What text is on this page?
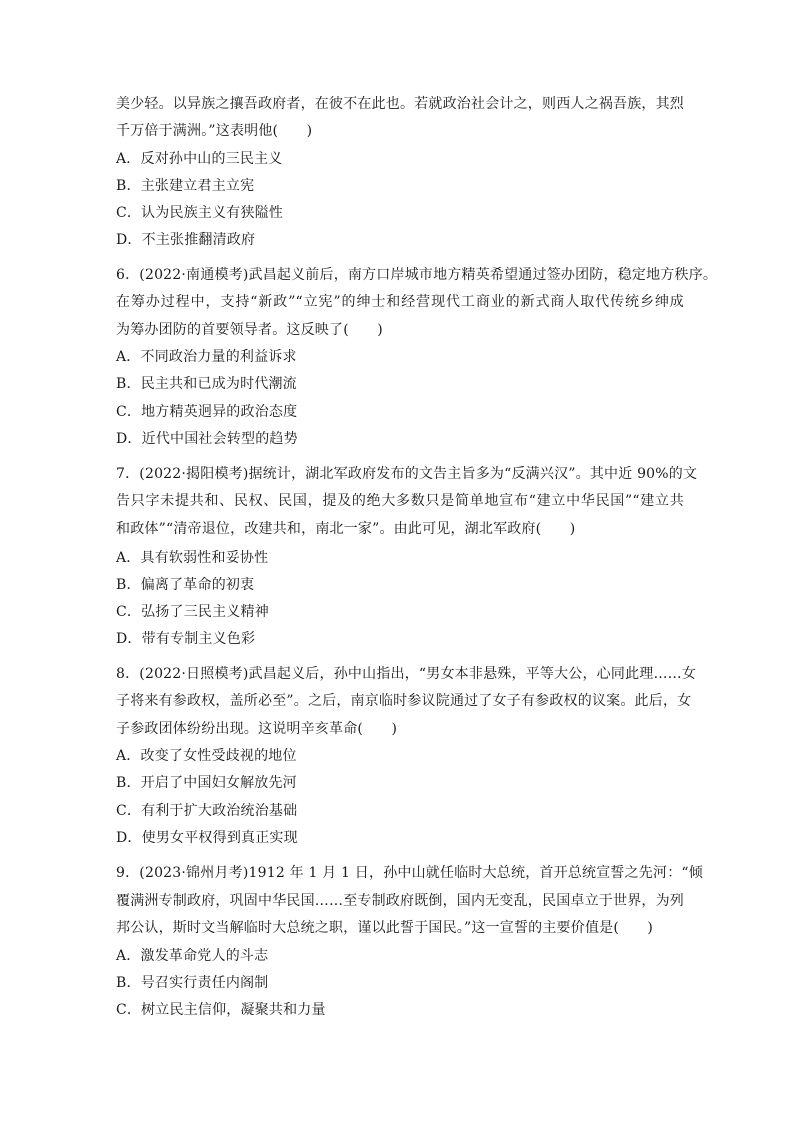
美少轻。以异族之攘吾政府者，在彼不在此也。若就政治社会计之，则西人之祸吾族，其烈
千万倍于满洲。”这表明他(　　)
A．反对孙中山的三民主义
B．主张建立君主立宪
C．认为民族主义有狭隘性
D．不主张推翻清政府
6．(2022·南通模考)武昌起义前后，南方口岸城市地方精英希望通过签办团防，稳定地方秩序。
在筹办过程中，支持“新政”“立宪”的绅士和经营现代工商业的新式商人取代传统乡绅成
为筹办团防的首要领导者。这反映了(　　)
A．不同政治力量的利益诉求
B．民主共和已成为时代潮流
C．地方精英迥异的政治态度
D．近代中国社会转型的趋势
7．(2022·揭阳模考)据统计，湖北军政府发布的文告主旨多为“反满兴汉”。其中近 90%的文
告只字未提共和、民权、民国，提及的绝大多数只是简单地宣布“建立中华民国”“建立共
和政体”“清帝退位，改建共和，南北一家”。由此可见，湖北军政府(　　)
A．具有软弱性和妥协性
B．偏离了革命的初衷
C．弘扬了三民主义精神
D．带有专制主义色彩
8．(2022·日照模考)武昌起义后，孙中山指出，“男女本非悬殊，平等大公，心同此理……女
子将来有参政权，盖所必至”。之后，南京临时参议院通过了女子有参政权的议案。此后，女
子参政团体纷纷出现。这说明辛亥革命(　　)
A．改变了女性受歧视的地位
B．开启了中国妇女解放先河
C．有利于扩大政治统治基础
D．使男女平权得到真正实现
9．(2023·锦州月考)1912 年 1 月 1 日，孙中山就任临时大总统，首开总统宣誓之先河：“倾
覆满洲专制政府，巩固中华民国……至专制政府既倒，国内无变乱，民国卓立于世界，为列
邦公认，斯时文当解临时大总统之职，谨以此誓于国民。”这一宣誓的主要价值是(　　)
A．激发革命党人的斗志
B．号召实行责任内阁制
C．树立民主信仰，凝聚共和力量
